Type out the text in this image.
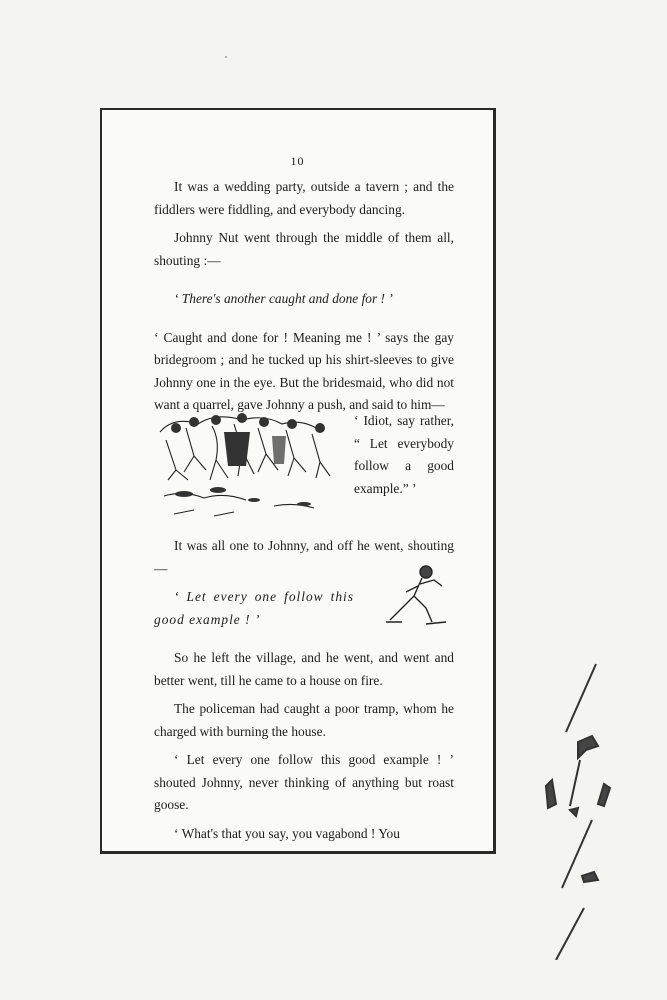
10

It was a wedding party, outside a tavern ; and the fiddlers were fiddling, and everybody dancing.

Johnny Nut went through the middle of them all, shouting :—

‘ There's another caught and done for ! ’

‘ Caught and done for ! Meaning me ! ’ says the gay bridegroom ; and he tucked up his shirt-sleeves to give Johnny one in the eye. But the bridesmaid, who did not want a quarrel, gave Johnny a push, and said to him—

‘ Idiot, say rather, “ Let everybody follow a good example.” ’

It was all one to Johnny, and off he went, shouting—

‘ Let every one follow this good example ! ’

So he left the village, and he went, and went and better went, till he came to a house on fire.

The policeman had caught a poor tramp, whom he charged with burning the house.

‘ Let every one follow this good example ! ’ shouted Johnny, never thinking of anything but roast goose.

‘ What's that you say, you vagabond ! You
